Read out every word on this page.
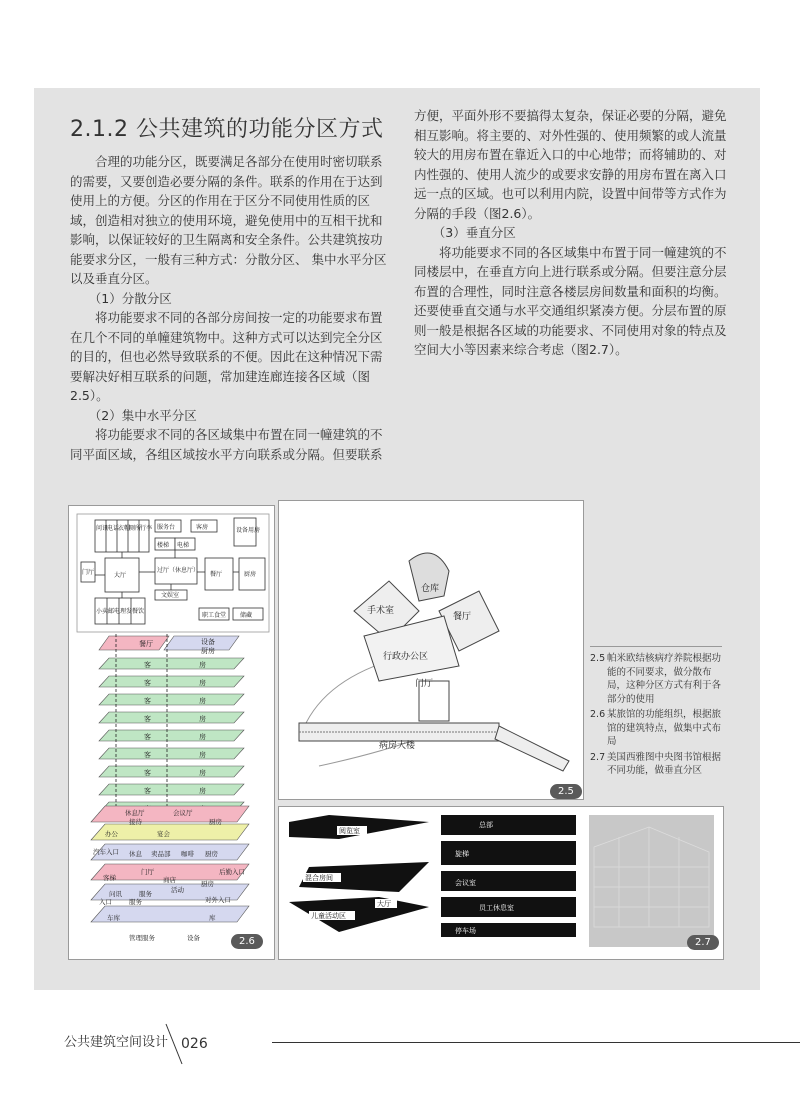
2.1.2 公共建筑的功能分区方式

合理的功能分区，既要满足各部分在使用时密切联系的需要，又要创造必要分隔的条件。联系的作用在于达到使用上的方便。分区的作用在于区分不同使用性质的区域，创造相对独立的使用环境，避免使用中的互相干扰和影响，以保证较好的卫生隔离和安全条件。公共建筑按功能要求分区，一般有三种方式：分散分区、 集中水平分区以及垂直分区。

（1）分散分区

将功能要求不同的各部分房间按一定的功能要求布置在几个不同的单幢建筑物中。这种方式可以达到完全分区的目的，但也必然导致联系的不便。因此在这种情况下需要解决好相互联系的问题，常加建连廊连接各区域（图2.5）。

（2）集中水平分区

将功能要求不同的各区域集中布置在同一幢建筑的不同平面区域，各组区域按水平方向联系或分隔。但要联系

方便，平面外形不要搞得太复杂，保证必要的分隔，避免相互影响。将主要的、对外性强的、使用频繁的或人流量较大的用房布置在靠近入口的中心地带；而将辅助的、对内性强的、使用人流少的或要求安静的用房布置在离入口远一点的区域。也可以利用内院，设置中间带等方式作为分隔的手段（图2.6）。

（3）垂直分区

将功能要求不同的各区域集中布置于同一幢建筑的不同楼层中，在垂直方向上进行联系或分隔。但要注意分层布置的合理性，同时注意各楼层房间数量和面积的均衡。还要使垂直交通与水平交通组织紧凑方便。分层布置的原则一般是根据各区域的功能要求、不同使用对象的特点及空间大小等因素来综合考虑（图2.7）。

问讯
电话
衣帽
厕所
行李 服务台	客房
楼梯 电梯
设备用房
门厅	大厅
过厅（休息厅）
餐厅	厨房
文娱室
小卖 邮电 理发 餐饮
职工食堂 储藏
客	房
客	房
客	房
客	房
客	房
客	房
客	房
客	房
餐厅	设备
厨房
休息厅	会议厅
接待	厨房
宴会
办公
汽车入口 休息 卖品部 咖啡 厨房
后勤入口
门厅
客梯	商店	厨房
活动
问讯	服务
入口	对外入口
服务
车库	库
管理服务	设备	2.6
手术室
仓库
餐厅
行政办公区
门厅
病房大楼
2.5
2.5 帕米欧结核病疗养院根据功能的不同要求，做分散布局，这种分区方式有利于各部分的使用
2.6 某旅馆的功能组织，根据旅馆的建筑特点，做集中式布局
2.7 美国西雅图中央图书馆根据不同功能，做垂直分区
阅览室
混合房间
大厅
儿童活动区
总部
旋梯
会议室
员工休息室
停车场
2.7
公共建筑空间设计 026
